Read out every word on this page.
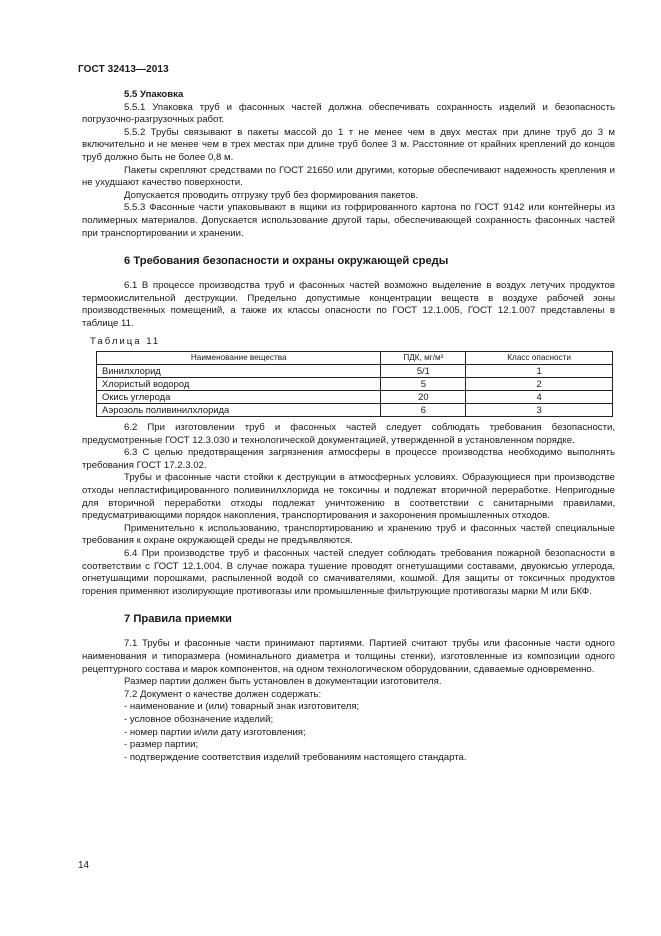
ГОСТ 32413—2013
5.5 Упаковка

5.5.1 Упаковка труб и фасонных частей должна обеспечивать сохранность изделий и безопасность погрузочно-разгрузочных работ.

5.5.2 Трубы связывают в пакеты массой до 1 т не менее чем в двух местах при длине труб до 3 м включительно и не менее чем в трех местах при длине труб более 3 м. Расстояние от крайних креплений до концов труб должно быть не более 0,8 м.

Пакеты скрепляют средствами по ГОСТ 21650 или другими, которые обеспечивают надежность крепления и не ухудшают качество поверхности.

Допускается проводить отгрузку труб без формирования пакетов.

5.5.3 Фасонные части упаковывают в ящики из гофрированного картона по ГОСТ 9142 или контейнеры из полимерных материалов. Допускается использование другой тары, обеспечивающей сохранность фасонных частей при транспортировании и хранении.

6 Требования безопасности и охраны окружающей среды

6.1 В процессе производства труб и фасонных частей возможно выделение в воздух летучих продуктов термоокислительной деструкции. Предельно допустимые концентрации веществ в воздухе рабочей зоны производственных помещений, а также их классы опасности по ГОСТ 12.1.005, ГОСТ 12.1.007 представлены в таблице 11.

Таблица 11
Наименование вещества	ПДК, мг/м³	Класс опасности
Винилхлорид	5/1	1
Хлористый водород	5	2
Окись углерода	20	4
Аэрозоль поливинилхлорида	6	3

6.2 При изготовлении труб и фасонных частей следует соблюдать требования безопасности, предусмотренные ГОСТ 12.3.030 и технологической документацией, утвержденной в установленном порядке.

6.3 С целью предотвращения загрязнения атмосферы в процессе производства необходимо выполнять требования ГОСТ 17.2.3.02.

Трубы и фасонные части стойки к деструкции в атмосферных условиях. Образующиеся при производстве отходы непластифицированного поливинилхлорида не токсичны и подлежат вторичной переработке. Непригодные для вторичной переработки отходы подлежат уничтожению в соответствии с санитарными правилами, предусматривающими порядок накопления, транспортирования и захоронения промышленных отходов.

Применительно к использованию, транспортированию и хранению труб и фасонных частей специальные требования к охране окружающей среды не предъявляются.

6.4 При производстве труб и фасонных частей следует соблюдать требования пожарной безопасности в соответствии с ГОСТ 12.1.004. В случае пожара тушение проводят огнетушащими составами, двуокисью углерода, огнетушащими порошками, распыленной водой со смачивателями, кошмой. Для защиты от токсичных продуктов горения применяют изолирующие противогазы или промышленные фильтрующие противогазы марки М или БКФ.

7 Правила приемки

7.1 Трубы и фасонные части принимают партиями. Партией считают трубы или фасонные части одного наименования и типоразмера (номинального диаметра и толщины стенки), изготовленные из композиции одного рецептурного состава и марок компонентов, на одном технологическом оборудовании, сдаваемые одновременно.

Размер партии должен быть установлен в документации изготовителя.

7.2 Документ о качестве должен содержать:

- наименование и (или) товарный знак изготовителя;
- условное обозначение изделий;
- номер партии и/или дату изготовления;
- размер партии;
- подтверждение соответствия изделий требованиям настоящего стандарта.
14
